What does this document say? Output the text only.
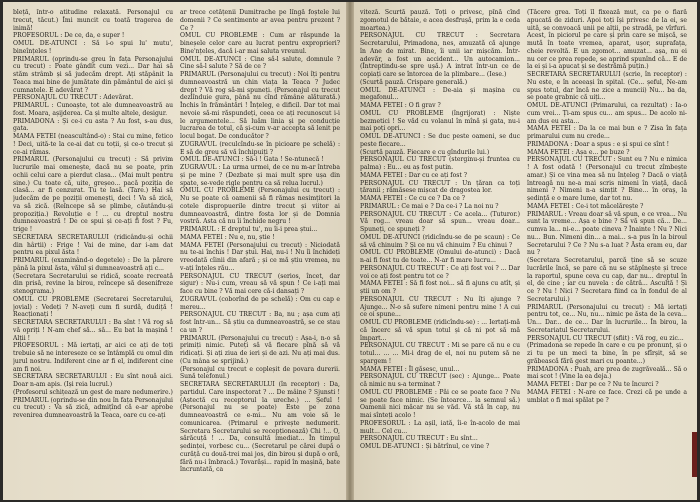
bleță, într-o atitudine relaxată. Personajul cu trecut, tăcut.) Îmi muncit cu toată tragerea de inimă!

PROFESORUL : De ce, da, e super !

OMUL DE-ATUNCI : Să i-o spui lu' mutu', bineînțeles !

PRIMARUL (oprindu-se greu în fața Personajului cu trecut) : Poate gândit cum vezi... Dar hai să stăm strâmb și să judecăm drept. Ați stăpânit la Teaca mai bine de jumătate din pământul de aici și cumnatele. E adevărat ?

PERSONAJUL CU TRECUT : Adevărat.

PRIMARUL : Cunoaște, tot ale dumneavoastră au fost. Moara, așijderea. Ca și multe altele, desigur.

PRIMADONA : Și ce-i cu asta ? Au fost, s-au dus, gata.

MAMA FETEI (neascultând-o) : Stai cu mine, fetico ! Deci, uită-te la ce-ai dat cu toții, și ce-o trecut și ce-ai rămas.

PRIMARUL (Personajului cu trecut) : Să privim lucrurile mai omenește, dacă nu se poate, prin ochii celui care a pierdut clasa... (Mai mult pentru sine.) Cu toate că, uite, greșeo... pacă poziția de clasă... ar fi cenzurat. Tu te lasă. (Tare.) Hai să judecăm de pe poziții omenești, deci ! Va să zică, va să zică. (Reîncepe să se plimbe, căutându-și propoziția.) Revoluție e ! ... cu dreptul nostru dumneavoastră ! De ce spui și ce-ați fi fost ? Fu, trige !

SECRETARA SECRETARULUI (ridicându-și ochii din hârtii) : Frige ! Vai de mine, dar i-am dat pentru ea pixul ăsta !

PRIMARUL (examinând-o degetele) : De la părere până la pixul ăsta, vălul și dumneavoastră ați c...

(Secretara Secretarului se ridică, scoate recreată din prisă, revine la birou, reîncepe să desenifreze stenograma.)

OMUL CU PROBLEME (Secretarei Secretarului, jovial) : Vedeți ? N-aveți cum fi surdă, dudiță ! Reacționați !

SECRETARA SECRETARULUI : Ba sînt ! Vă rog să vă opriți ! N-am chef să... să... Eu bat la mașină ! Alții !

PROFESORUL : Mă iertați, ar aici ce ați de toți trebuie să ne intereseze ce se întâmplă cu omul din jurul nostru. Indiferent cine ar fi el, indiferent cine am fi noi.

SECRETARA SECRETARULUI : Eu sînt nouă aici. Doar n-am apis. (Iși reia lucrul.)

(Profesorul schițează un gest de mare nedumerire.)

PRIMARUL (oprindu-se din nou în fața Personajului cu trecut) : Va să zică, admițînd că e-ar aprobe revenirea dumneavoastră la Teaca, oare cu ce-ați

ar trece cetățenii Dumitrache pe lîngă foștele lui domenii ? Ce sentimente ar avea pentru prezent ? Ce ?

OMUL CU PROBLEME : Cum ar răspunde la bineșele celor care au lucrat pentru exproprieri? Bine'nțeles, dacă i-ar mai saluta vreunul.

OMUL DE-ATUNCI : Cine să-l salute, domnule ? Cine să-l salute ? Să de ce ?

PRIMARUL (Personajului cu trecut) : Noi îți pentru dumneavoastră un chin viața la Teaca ? Judec drept ? Vă rog să-mi spuneți. (Personajul cu trecut dezlînduie gura, până nu cînd rămâne alăturată.) Închis în frământări ! Înțeleg, e dificil. Dar tot mai nevoie să-mi răspundeți, ceea ce ați recunoscut i-i le argumentele... Să luăm linia și pe conducție lucrarea de totul, că și-cum v-ar accepta să lenit pe locul bogat. De conducător ?

ZUGRAVUL (reculcîndu-se în picioare pe schelă) : E să de greu să vă închipuiți ?

OMUL DE-ATUNCI : Să-i ! Gata ! Se-ntunecă !

ZUGRAVUL : La urma urmei, de ce nu m-ar întreba și pe mine ? (Dezbate și mai mult spre ușa din spate, se-vede rigle pentru ca să relua lucrul.)

OMUL CU PROBLEME (Personajului cu trecut) : Nu se poate că oamenii să fi rămas nesimțitori la cotele dispropuerile dintre trecut și viitor ai dumneavoastră, dintre fosta lor și de Domnia vostră. Asta că nu îi închide negru !

PRIMARUL : E dreptul tu', nu îi-i prea ștui...

MAMA FETEI : Nu e, nu, știe !

MAMA FETEI (Personajului cu trecut) : Niciodată nu te-ai închis ! Dar ștui. Hai, nu-i ! Nu îi închideți vreodată cîinii din afară ; și ce mă știu vremea, nu v-ați înțeles rău...

PERSONAJUL CU TRECUT (serios, încet, dar sigur) : Nu-i cum, vreau să vă spun ! Ce i-ați mai face cu bine ? Vă mai cere că-i dansați ?

ZUGRAVUL (coborînd de pe schelă) : Om cu cap e mereu...

PERSONAJUL CU TRECUT : Ba, nu ; așa cum ați fost într-un... Să știu ca dumneavoastră, se ce stau ca un ?

PRIMARUL (Personajului cu trecut) : Așa-i, n-o să primiți nimic. Puteți să vă fiecare pînă să vă ridicați. Și ați ziua de ieri și de azi. Nu ați mai dus. (Cu mâna se sprijină.)

(Personajul cu trecut e copleșit de povara durerii. Sună telefonul.)

SECRETARA SECRETARULUI (în receptor) : Da, partidul. Care inspectorat ? ... De mâine ? Sjunsti ! (Aștectă cu receptorul la ureche.) ... Șeful !(Personajul nu se poate) Este pe zona dumneavoastră ce e-mi... Nu am voie să le comunicarea. (Primarul e privește nedumerit. Secretara Secretarului se recepționează) Chi !... O, sărăcuță ! ... Da, consultă imediat... În timpul ședinței, vorbesc cu... (Secretarul pe cărei după o curăță cu două-trei mai jos, din birou și după o oră, fără nu-i îmbracă.) Tovarăși... rapid în mașină, bate încruntată, ca

viteză. Scurtă pauză. Toți o privesc, pînă cînd zgomotul de bătaie, e acea desfrușă, prim la e ceda moartea.)

PERSONAJUL CU TRECUT : Secretara Secretarului, Primadona, nes, amuzată că ajunge în Ane de mirat. Bine, îi unii iar mișcăm. Într-adevăr, a fost un accident... Un autocamion... (Întreptindu-se spre ușă.) A intrat într-un ce de copiați care se întorcea de la plimbare... (Iese.)

(Scurtă pauză. Crispare generală.)

OMUL DE-ATUNCI : De-aia și mașina cu megafonul...

MAMA FETEI : O fi grav ?

OMUL CU PROBLEME (îngrijorat) : Niște bezmetici ! Se văd cu volanul în mînă și gata, nu-i mai poți opri...

OMUL DE-ATUNCI : Se duc peste oameni, se duc peste fiecare...

(Scurtă pauză. Fiecare e cu gîndurile lui.)

PERSONAJUL CU TRECUT (sterginu-și fruntea cu palma) : Eu... eu aș fost putin.

MAMA FETEI : Dar cu ce ați fost ?

PERSONAJUL CU TRECUT : Un țăran ca toți țăranii ; rămăsese mișcat de dragostea lor.

MAMA FETEI : Ce cu ce ? Da ce ?

PRIMARUL : Ce mai e ? Da ce-i ? La noi nu ?

PERSONAJUL CU TRECUT : Ce acela... (Tuturor.) Vă rog... vreau doar să spun... vreau doar... Spuneți, ce spuneți ?

OMUL DE-ATUNCI (ridicîndu-se de pe scaun) : Ce să vă chinuim ? Și ce nu vă chinuim ? Eu chinui ?

OMUL CU PROBLEME (Omului de-atunci) : Dacă n-ai fi fost tu de toate... N-ar fi mare lucru...

PERSONAJUL CU TRECUT : Ce ați fost voi ? ... Dar voi ce ați fost pentru tot ce ?

MAMA FETEI : Să fi fost noi... să fi ajuns cu atît, și știi un om ?

PERSONAJUL CU TRECUT : Nu îți ajunge ? Ajunge... N-o să sufere nimeni pentru mine ! A cui ce oi spune...

OMUL CU PROBLEME (ridicîndu-se) : ... Iertați-mă că încerc să vă spun totul și că ni pot să mă împart...

PERSONAJUL CU TRECUT : Mi se pare că nu e cu totul... ... ... Mi-i drag de el, noi nu putem să ne spargem !

MAMA FETEI : Îl găsesc, unul...

PERSONAJUL CU TRECUT (sec) : Ajunge... Poate că nimic nu s-a terminat ?

OMUL CU PROBLEME : Păi ce se poate face ? Nu se poate face nimic. (Se întoarce... la semnul să.) Oamenii nici măcar nu se văd. Vă stă în cap, nu mai sînteți acolo !

PROFESORUL : La așil, iată, îi-e în-acolo de mai mult... Cel cu...

PERSONAJUL CU TRECUT : Eu sînt...

OMUL DE-ATUNCI : Și bătrînul, ce vine ?

(Tăcere grea. Toți îl fixează mut, ca pe o fiară apucată de ziduri. Apoi toți își privesc de la ei, se uită, se convoacă unii pe alții, pe stradă, pe vîrfuri. Acest, în piciorul pe care și prin care se mișcă, se mută în toate vremea, aparat, ușor, suprafața, cheie revoltă. E un zgomot... amuzat... așa, nu ei nu cer ce prea repede, se aprind spunînd că... E de la ei și i-a apucat și se destrămă puțin.)

SECRETARA SECRETARULUI (scrie, în receptor) : Nu este, e în aceeași în spital. (Ce... șeful, Ne-am spus totul, dar încă ne zice a muncii) Nu... ba da, se poate grabnic că uiți...

OMUL DE-ATUNCI (Primarului, ca rezultat) : Ia-o cum vrei... Ți-am spus cu... am spus... De acolo ni-am dus eu asta...

MAMA FETEI : Da la ce mai bun e ? Zisa în fața primarului cum nu crede...

PRIMADONA : Doar a spus : e și spui ce sînt !

MAMA FETEI : Așa e... pe buze ?

PERSONAJUL CU TRECUT : Sunt eu ? Nu e nimica ! A fost odată ! (Personajul cu trecut zîmbește amar.) Și ce vina mea să nu înțeleg ? Dacă o viață întreagă nu ne-a mai scris nimeni în viață, dacă nimeni ? Nimeni n-a simțit ? Bine... în oraș, la ședință e o mare lume, dar tot nu.

MAMA FETEI : Ce-i tot măcelărește ?

PRIMARUL : Vreau doar să vă spun, e ce vrea... Nu sunt la vreme... Așa e bine ? Să vă spun că... De... cumva la... ni-e... poate cineva ? Înainte ! Nu ? Nici nu... Bun. Nimeni din... a mai... s-a pus în la biroul Secretarului ? Ce ? Nu s-a luat ? Ăsta eram eu, dar nu ?

(Secretara Secretarului, parcă ține să se scuze lucrările încă, se pare că nu se stăpînește și trece la raportul, spune ceva cu cap, dar nu... dreptul în el, de cine ; iar cu nuvela : de cătră... Ascultă ! Și ce ? Nu ! Nici ? Secretara fiind ca în fondul de al Secretarului.)

PRIMARUL (Personajului cu trecut) : Mă iertați pentru tot, ce... Nu, nu... nimic pe ăsta de la ceva... Un... Dar... de ce... Dar în lucrurile... În birou, la Secretariatul Secretarului.

PERSONAJUL CU TRECUT (sfiit) : Vă rog, eu zic...

(Primadona se repede în care e cu pe pronunț, și o zi tu pe un meci ta bine, în pe sfîrșit, să se grăbească fără gest mari cu poante...)

PRIMADONA : Puah, are prea de zugrăveală... Să o mai scot ! (Vine la ea deja.)

MAMA FETEI : Dar pe ce ? Nu te încurci ?

MAMA FETEI : N-are ce face. Crezi că pe unde a umblat o fi mai spălat pe ?
